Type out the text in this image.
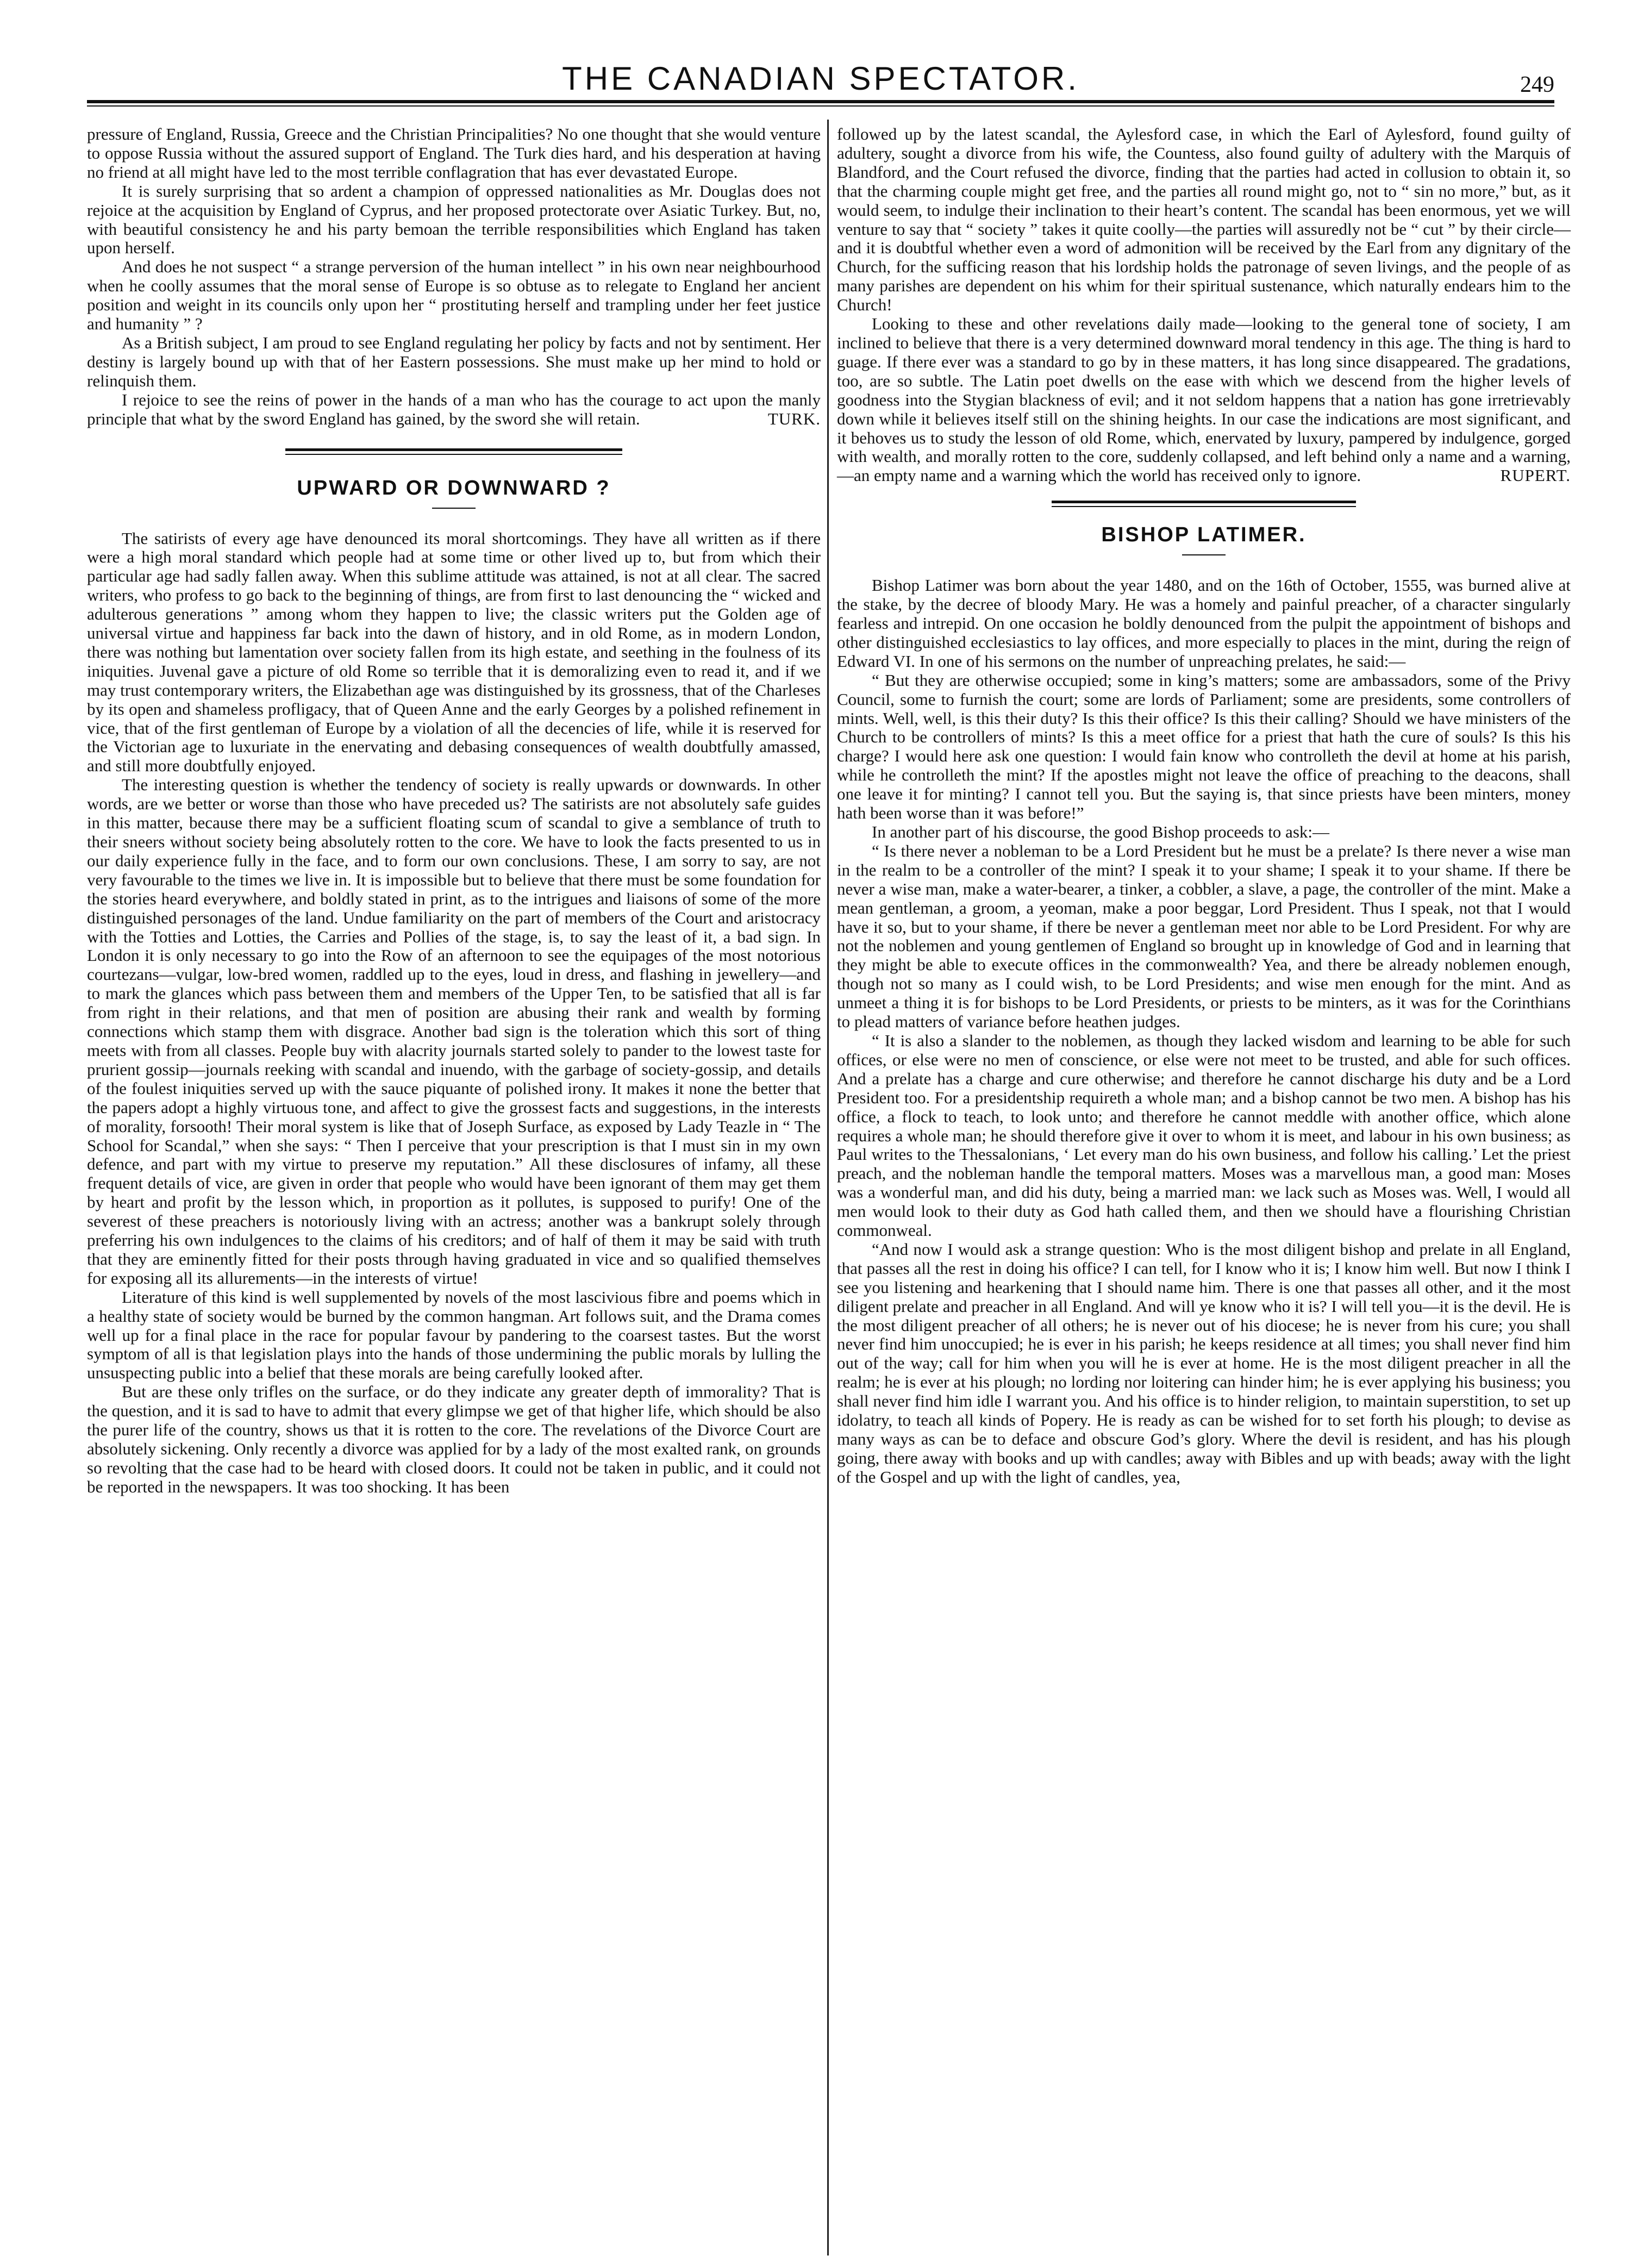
THE CANADIAN SPECTATOR.	249

pressure of England, Russia, Greece and the Christian Principalities? No one thought that she would venture to oppose Russia without the assured support of England. The Turk dies hard, and his desperation at having no friend at all might have led to the most terrible conflagration that has ever devastated Europe.

It is surely surprising that so ardent a champion of oppressed nationalities as Mr. Douglas does not rejoice at the acquisition by England of Cyprus, and her proposed protectorate over Asiatic Turkey. But, no, with beautiful consistency he and his party bemoan the terrible responsibilities which England has taken upon herself.

And does he not suspect “ a strange perversion of the human intellect ” in his own near neighbourhood when he coolly assumes that the moral sense of Europe is so obtuse as to relegate to England her ancient position and weight in its councils only upon her “ prostituting herself and trampling under her feet justice and humanity ” ?

As a British subject, I am proud to see England regulating her policy by facts and not by sentiment. Her destiny is largely bound up with that of her Eastern possessions. She must make up her mind to hold or relinquish them.

I rejoice to see the reins of power in the hands of a man who has the courage to act upon the manly principle that what by the sword England has gained, by the sword she will retain.	TURK.

UPWARD OR DOWNWARD ?

The satirists of every age have denounced its moral shortcomings. They have all written as if there were a high moral standard which people had at some time or other lived up to, but from which their particular age had sadly fallen away. When this sublime attitude was attained, is not at all clear. The sacred writers, who profess to go back to the beginning of things, are from first to last denouncing the “ wicked and adulterous generations ” among whom they happen to live; the classic writers put the Golden age of universal virtue and happiness far back into the dawn of history, and in old Rome, as in modern London, there was nothing but lamentation over society fallen from its high estate, and seething in the foulness of its iniquities. Juvenal gave a picture of old Rome so terrible that it is demoralizing even to read it, and if we may trust contemporary writers, the Elizabethan age was distinguished by its grossness, that of the Charleses by its open and shameless profligacy, that of Queen Anne and the early Georges by a polished refinement in vice, that of the first gentleman of Europe by a violation of all the decencies of life, while it is reserved for the Victorian age to luxuriate in the enervating and debasing consequences of wealth doubtfully amassed, and still more doubtfully enjoyed.

The interesting question is whether the tendency of society is really upwards or downwards. In other words, are we better or worse than those who have preceded us? The satirists are not absolutely safe guides in this matter, because there may be a sufficient floating scum of scandal to give a semblance of truth to their sneers without society being absolutely rotten to the core. We have to look the facts presented to us in our daily experience fully in the face, and to form our own conclusions. These, I am sorry to say, are not very favourable to the times we live in. It is impossible but to believe that there must be some foundation for the stories heard everywhere, and boldly stated in print, as to the intrigues and liaisons of some of the more distinguished personages of the land. Undue familiarity on the part of members of the Court and aristocracy with the Totties and Lotties, the Carries and Pollies of the stage, is, to say the least of it, a bad sign. In London it is only necessary to go into the Row of an afternoon to see the equipages of the most notorious courtezans—vulgar, low-bred women, raddled up to the eyes, loud in dress, and flashing in jewellery—and to mark the glances which pass between them and members of the Upper Ten, to be satisfied that all is far from right in their relations, and that men of position are abusing their rank and wealth by forming connections which stamp them with disgrace. Another bad sign is the toleration which this sort of thing meets with from all classes. People buy with alacrity journals started solely to pander to the lowest taste for prurient gossip—journals reeking with scandal and inuendo, with the garbage of society-gossip, and details of the foulest iniquities served up with the sauce piquante of polished irony. It makes it none the better that the papers adopt a highly virtuous tone, and affect to give the grossest facts and suggestions, in the interests of morality, forsooth! Their moral system is like that of Joseph Surface, as exposed by Lady Teazle in “ The School for Scandal,” when she says: “ Then I perceive that your prescription is that I must sin in my own defence, and part with my virtue to preserve my reputation.” All these disclosures of infamy, all these frequent details of vice, are given in order that people who would have been ignorant of them may get them by heart and profit by the lesson which, in proportion as it pollutes, is supposed to purify! One of the severest of these preachers is notoriously living with an actress; another was a bankrupt solely through preferring his own indulgences to the claims of his creditors; and of half of them it may be said with truth that they are eminently fitted for their posts through having graduated in vice and so qualified themselves for exposing all its allurements—in the interests of virtue!

Literature of this kind is well supplemented by novels of the most lascivious fibre and poems which in a healthy state of society would be burned by the common hangman. Art follows suit, and the Drama comes well up for a final place in the race for popular favour by pandering to the coarsest tastes. But the worst symptom of all is that legislation plays into the hands of those undermining the public morals by lulling the unsuspecting public into a belief that these morals are being carefully looked after.

But are these only trifles on the surface, or do they indicate any greater depth of immorality? That is the question, and it is sad to have to admit that every glimpse we get of that higher life, which should be also the purer life of the country, shows us that it is rotten to the core. The revelations of the Divorce Court are absolutely sickening. Only recently a divorce was applied for by a lady of the most exalted rank, on grounds so revolting that the case had to be heard with closed doors. It could not be taken in public, and it could not be reported in the newspapers. It was too shocking. It has been

followed up by the latest scandal, the Aylesford case, in which the Earl of Aylesford, found guilty of adultery, sought a divorce from his wife, the Countess, also found guilty of adultery with the Marquis of Blandford, and the Court refused the divorce, finding that the parties had acted in collusion to obtain it, so that the charming couple might get free, and the parties all round might go, not to “ sin no more,” but, as it would seem, to indulge their inclination to their heart’s content. The scandal has been enormous, yet we will venture to say that “ society ” takes it quite coolly—the parties will assuredly not be “ cut ” by their circle—and it is doubtful whether even a word of admonition will be received by the Earl from any dignitary of the Church, for the sufficing reason that his lordship holds the patronage of seven livings, and the people of as many parishes are dependent on his whim for their spiritual sustenance, which naturally endears him to the Church!

Looking to these and other revelations daily made—looking to the general tone of society, I am inclined to believe that there is a very determined downward moral tendency in this age. The thing is hard to guage. If there ever was a standard to go by in these matters, it has long since disappeared. The gradations, too, are so subtle. The Latin poet dwells on the ease with which we descend from the higher levels of goodness into the Stygian blackness of evil; and it not seldom happens that a nation has gone irretrievably down while it believes itself still on the shining heights. In our case the indications are most significant, and it behoves us to study the lesson of old Rome, which, enervated by luxury, pampered by indulgence, gorged with wealth, and morally rotten to the core, suddenly collapsed, and left behind only a name and a warning,—an empty name and a warning which the world has received only to ignore.	RUPERT.

BISHOP LATIMER.

Bishop Latimer was born about the year 1480, and on the 16th of October, 1555, was burned alive at the stake, by the decree of bloody Mary. He was a homely and painful preacher, of a character singularly fearless and intrepid. On one occasion he boldly denounced from the pulpit the appointment of bishops and other distinguished ecclesiastics to lay offices, and more especially to places in the mint, during the reign of Edward VI. In one of his sermons on the number of unpreaching prelates, he said:—

“ But they are otherwise occupied; some in king’s matters; some are ambassadors, some of the Privy Council, some to furnish the court; some are lords of Parliament; some are presidents, some controllers of mints. Well, well, is this their duty? Is this their office? Is this their calling? Should we have ministers of the Church to be controllers of mints? Is this a meet office for a priest that hath the cure of souls? Is this his charge? I would here ask one question: I would fain know who controlleth the devil at home at his parish, while he controlleth the mint? If the apostles might not leave the office of preaching to the deacons, shall one leave it for minting? I cannot tell you. But the saying is, that since priests have been minters, money hath been worse than it was before!”

In another part of his discourse, the good Bishop proceeds to ask:—

“ Is there never a nobleman to be a Lord President but he must be a prelate? Is there never a wise man in the realm to be a controller of the mint? I speak it to your shame; I speak it to your shame. If there be never a wise man, make a water-bearer, a tinker, a cobbler, a slave, a page, the controller of the mint. Make a mean gentleman, a groom, a yeoman, make a poor beggar, Lord President. Thus I speak, not that I would have it so, but to your shame, if there be never a gentleman meet nor able to be Lord President. For why are not the noblemen and young gentlemen of England so brought up in knowledge of God and in learning that they might be able to execute offices in the commonwealth? Yea, and there be already noblemen enough, though not so many as I could wish, to be Lord Presidents; and wise men enough for the mint. And as unmeet a thing it is for bishops to be Lord Presidents, or priests to be minters, as it was for the Corinthians to plead matters of variance before heathen judges.

“ It is also a slander to the noblemen, as though they lacked wisdom and learning to be able for such offices, or else were no men of conscience, or else were not meet to be trusted, and able for such offices. And a prelate has a charge and cure otherwise; and therefore he cannot discharge his duty and be a Lord President too. For a presidentship requireth a whole man; and a bishop cannot be two men. A bishop has his office, a flock to teach, to look unto; and therefore he cannot meddle with another office, which alone requires a whole man; he should therefore give it over to whom it is meet, and labour in his own business; as Paul writes to the Thessalonians, ‘ Let every man do his own business, and follow his calling.’ Let the priest preach, and the nobleman handle the temporal matters. Moses was a marvellous man, a good man: Moses was a wonderful man, and did his duty, being a married man: we lack such as Moses was. Well, I would all men would look to their duty as God hath called them, and then we should have a flourishing Christian commonweal.

“And now I would ask a strange question: Who is the most diligent bishop and prelate in all England, that passes all the rest in doing his office? I can tell, for I know who it is; I know him well. But now I think I see you listening and hearkening that I should name him. There is one that passes all other, and it the most diligent prelate and preacher in all England. And will ye know who it is? I will tell you—it is the devil. He is the most diligent preacher of all others; he is never out of his diocese; he is never from his cure; you shall never find him unoccupied; he is ever in his parish; he keeps residence at all times; you shall never find him out of the way; call for him when you will he is ever at home. He is the most diligent preacher in all the realm; he is ever at his plough; no lording nor loitering can hinder him; he is ever applying his business; you shall never find him idle I warrant you. And his office is to hinder religion, to maintain superstition, to set up idolatry, to teach all kinds of Popery. He is ready as can be wished for to set forth his plough; to devise as many ways as can be to deface and obscure God’s glory. Where the devil is resident, and has his plough going, there away with books and up with candles; away with Bibles and up with beads; away with the light of the Gospel and up with the light of candles, yea,
